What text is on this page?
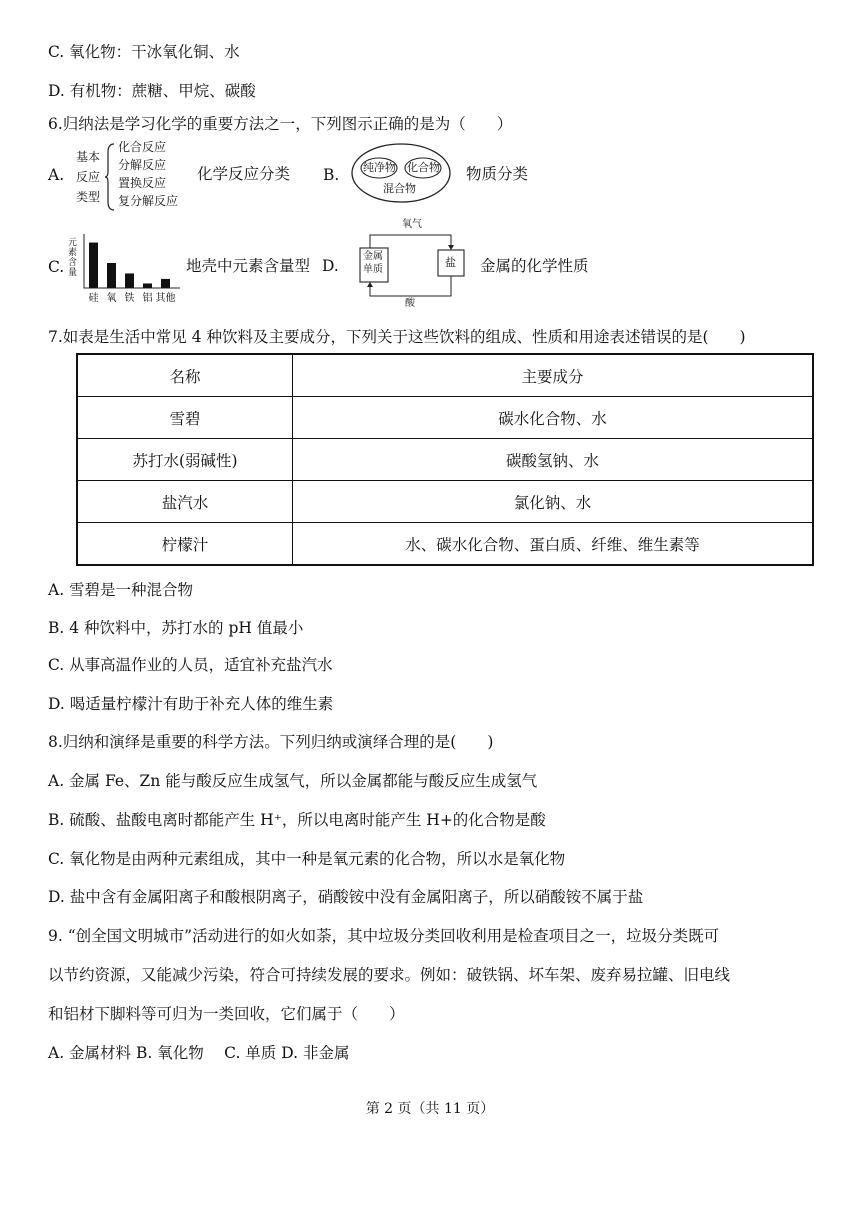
C. 氧化物：干冰氧化铜、水
D. 有机物：蔗糖、甲烷、碳酸
6.归纳法是学习化学的重要方法之一，下列图示正确的是为（　　）
A.
基本
反应
类型
化合反应
分解反应
置换反应
复分解反应
化学反应分类 B. 纯净物 化合物
混合物
物质分类
C.
元素含量
硅 氧 铁 铝 其他
地壳中元素含量型 D.
氧气
金属
单质
盐
酸
金属的化学性质
7.如表是生活中常见 4 种饮料及主要成分，下列关于这些饮料的组成、性质和用途表述错误的是(　　)
名称	主要成分
雪碧	碳水化合物、水
苏打水(弱碱性)	碳酸氢钠、水
盐汽水	氯化钠、水
柠檬汁	水、碳水化合物、蛋白质、纤维、维生素等
A. 雪碧是一种混合物
B. 4 种饮料中，苏打水的 pH 值最小
C. 从事高温作业的人员，适宜补充盐汽水
D. 喝适量柠檬汁有助于补充人体的维生素
8.归纳和演绎是重要的科学方法。下列归纳或演绎合理的是(　　)
A. 金属 Fe、Zn 能与酸反应生成氢气，所以金属都能与酸反应生成氢气
B. 硫酸、盐酸电离时都能产生 H⁺，所以电离时能产生 H+的化合物是酸
C. 氧化物是由两种元素组成，其中一种是氧元素的化合物，所以水是氧化物
D. 盐中含有金属阳离子和酸根阴离子，硝酸铵中没有金属阳离子，所以硝酸铵不属于盐
9. “创全国文明城市”活动进行的如火如荼，其中垃圾分类回收利用是检查项目之一，垃圾分类既可
以节约资源，又能减少污染，符合可持续发展的要求。例如：破铁锅、坏车架、废弃易拉罐、旧电线
和铝材下脚料等可归为一类回收，它们属于（　　）
A. 金属材料 B. 氧化物　 C. 单质 D. 非金属
第 2 页（共 11 页）
